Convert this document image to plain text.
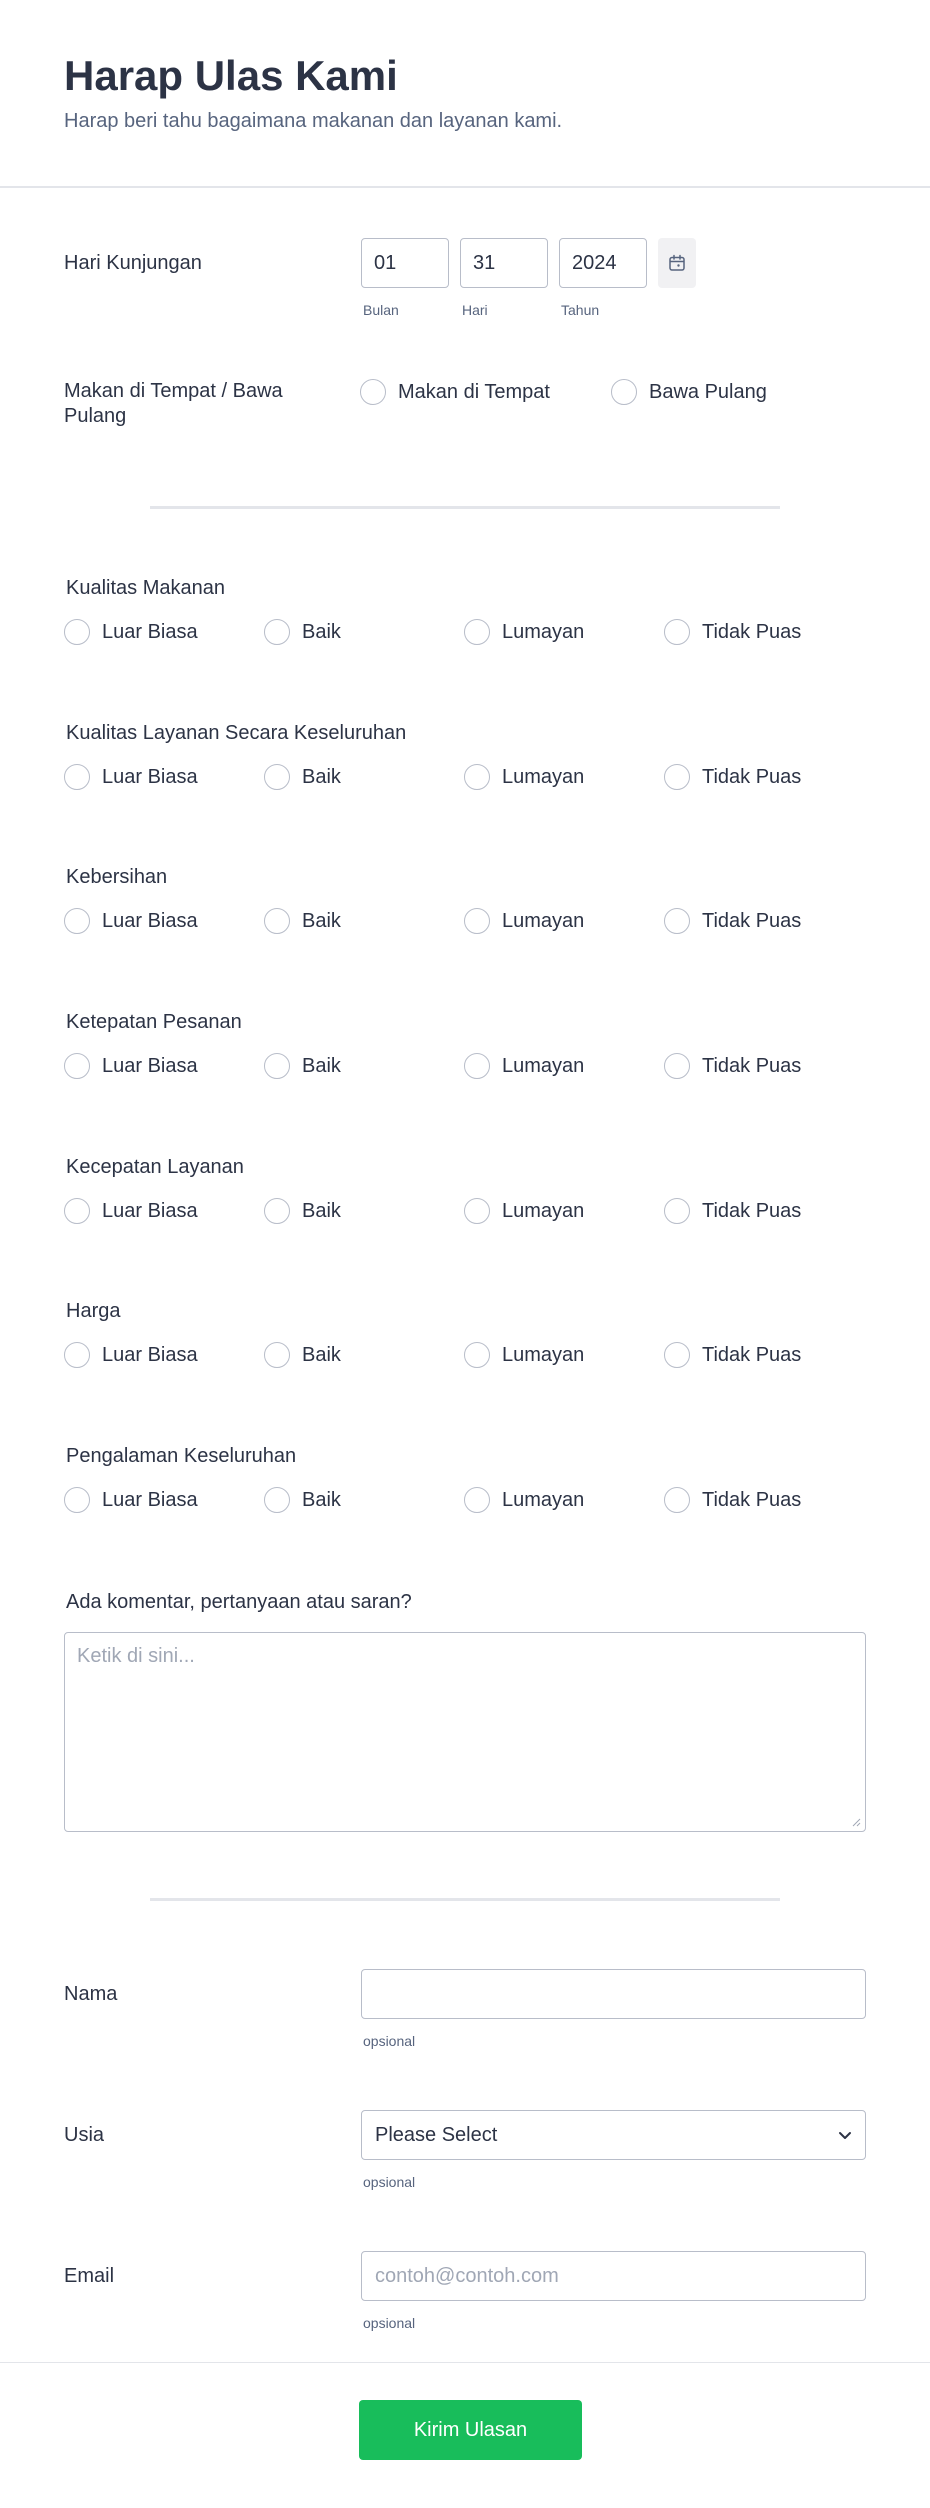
Harap Ulas Kami
Harap beri tahu bagaimana makanan dan layanan kami.
Hari Kunjungan	01	31	2024
Bulan	Hari	Tahun
Makan di Tempat / Bawa Pulang
Makan di Tempat	Bawa Pulang
Kualitas Makanan
Luar Biasa	Baik	Lumayan	Tidak Puas
Kualitas Layanan Secara Keseluruhan
Luar Biasa	Baik	Lumayan	Tidak Puas
Kebersihan
Luar Biasa	Baik	Lumayan	Tidak Puas
Ketepatan Pesanan
Luar Biasa	Baik	Lumayan	Tidak Puas
Kecepatan Layanan
Luar Biasa	Baik	Lumayan	Tidak Puas
Harga
Luar Biasa	Baik	Lumayan	Tidak Puas
Pengalaman Keseluruhan
Luar Biasa	Baik	Lumayan	Tidak Puas
Ada komentar, pertanyaan atau saran?
Ketik di sini...
Nama
opsional
Usia	Please Select
opsional
Email	contoh@contoh.com
opsional
Kirim Ulasan
